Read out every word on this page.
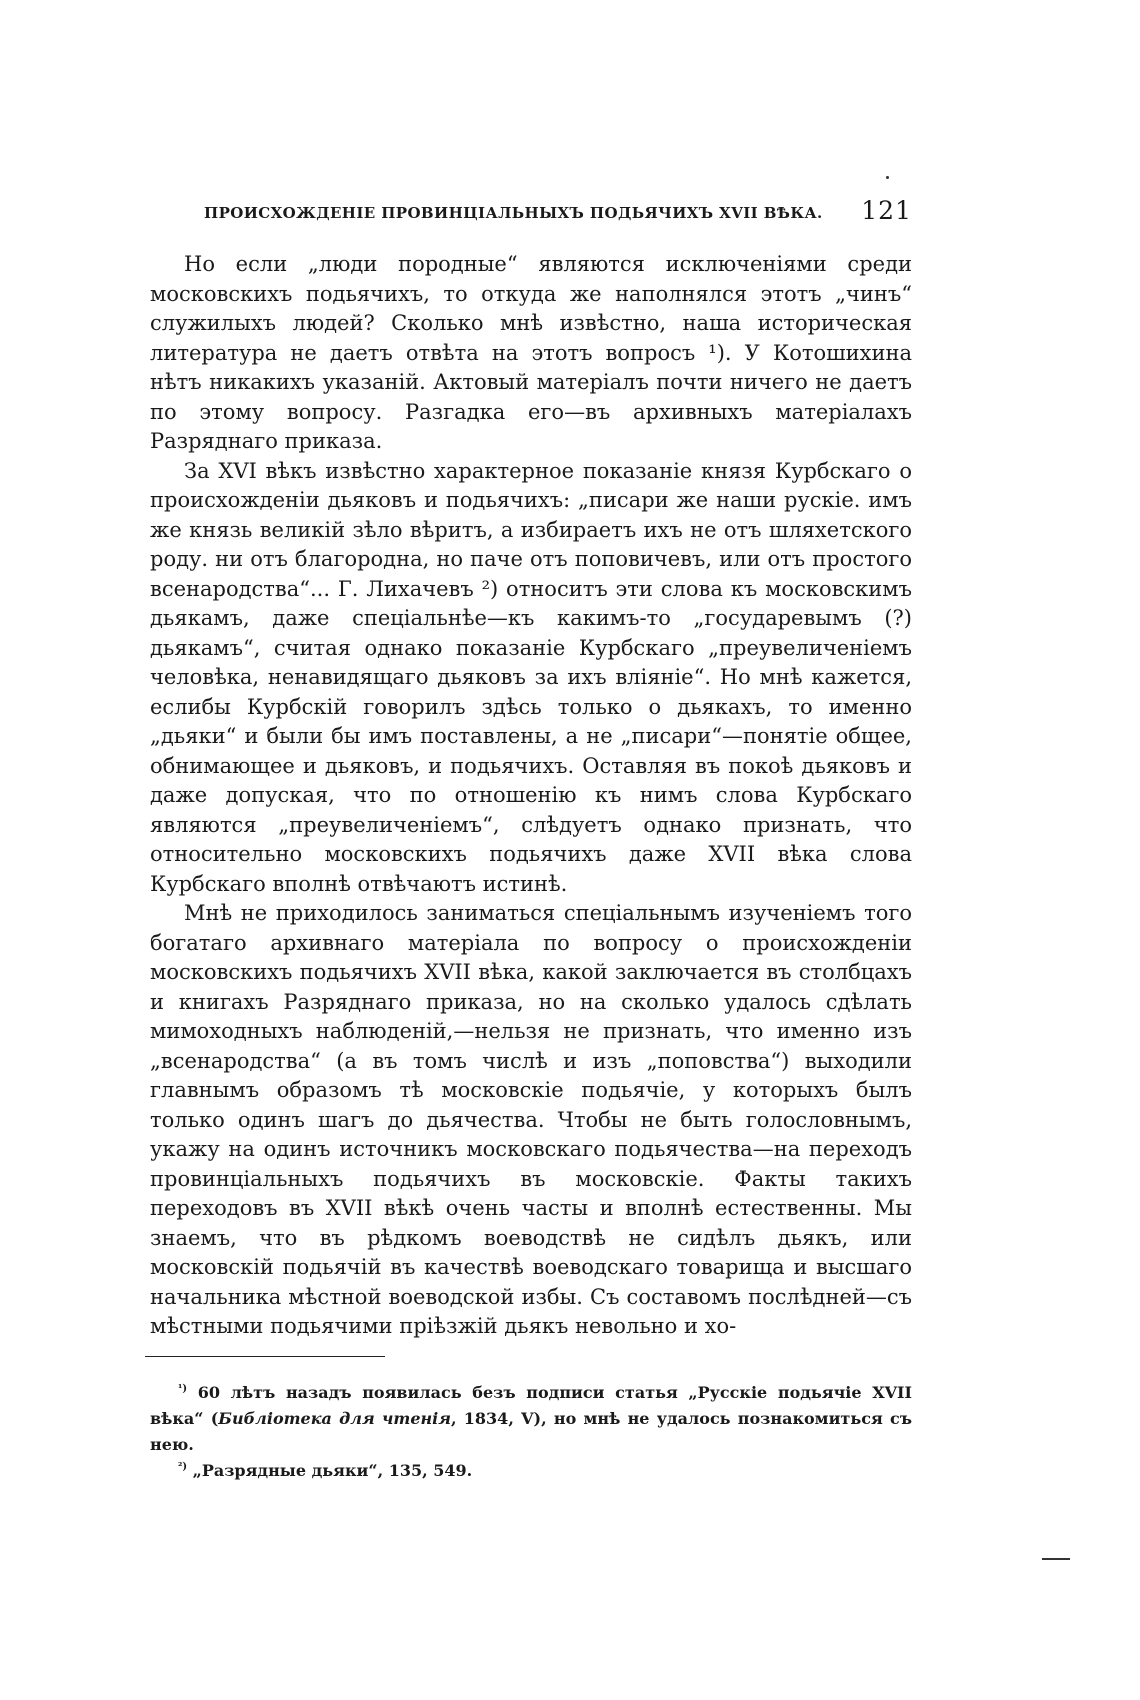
ПРОИСХОЖДЕНІЕ ПРОВИНЦІАЛЬНЫХЪ ПОДЬЯЧИХЪ XVII ВѢКА. 121

Но если „люди породные“ являются исключеніями среди московскихъ подьячихъ, то откуда же наполнялся этотъ „чинъ“ служилыхъ людей? Сколько мнѣ извѣстно, наша историческая литература не даетъ отвѣта на этотъ вопросъ ¹). У Котошихина нѣтъ никакихъ указаній. Актовый матеріалъ почти ничего не даетъ по этому вопросу. Разгадка его—въ архивныхъ матеріалахъ Разряднаго приказа.

За XVI вѣкъ извѣстно характерное показаніе князя Курбскаго о происхожденіи дьяковъ и подьячихъ: „писари же наши рускіе. имъ же князь великій зѣло вѣритъ, а избираетъ ихъ не отъ шляхетского роду. ни отъ благородна, но паче отъ поповичевъ, или отъ простого всенародства“... Г. Лихачевъ ²) относитъ эти слова къ московскимъ дьякамъ, даже спеціальнѣе—къ какимъ-то „государевымъ (?) дьякамъ“, считая однако показаніе Курбскаго „преувеличеніемъ человѣка, ненавидящаго дьяковъ за ихъ вліяніе“. Но мнѣ кажется, еслибы Курбскій говорилъ здѣсь только о дьякахъ, то именно „дьяки“ и были бы имъ поставлены, а не „писари“—понятіе общее, обнимающее и дьяковъ, и подьячихъ. Оставляя въ покоѣ дьяковъ и даже допуская, что по отношенію къ нимъ слова Курбскаго являются „преувеличеніемъ“, слѣдуетъ однако признать, что относительно московскихъ подьячихъ даже XVII вѣка слова Курбскаго вполнѣ отвѣчаютъ истинѣ.

Мнѣ не приходилось заниматься спеціальнымъ изученіемъ того богатаго архивнаго матеріала по вопросу о происхожденіи московскихъ подьячихъ XVII вѣка, какой заключается въ столбцахъ и книгахъ Разряднаго приказа, но на сколько удалось сдѣлать мимоходныхъ наблюденій,—нельзя не признать, что именно изъ „всенародства“ (а въ томъ числѣ и изъ „поповства“) выходили главнымъ образомъ тѣ московскіе подьячіе, у которыхъ былъ только одинъ шагъ до дьячества. Чтобы не быть голословнымъ, укажу на одинъ источникъ московскаго подьячества—на переходъ провинціальныхъ подьячихъ въ московскіе. Факты такихъ переходовъ въ XVII вѣкѣ очень часты и вполнѣ естественны. Мы знаемъ, что въ рѣдкомъ воеводствѣ не сидѣлъ дьякъ, или московскій подьячій въ качествѣ воеводскаго товарища и высшаго начальника мѣстной воеводской избы. Съ составомъ послѣдней—съ мѣстными подьячими пріѣзжій дьякъ невольно и хо-

$^{^1)}$ 60 лѣтъ назадъ появилась безъ подписи статья „Русскіе подьячіе XVII вѣка“ (Библіотека для чтенія, 1834, V), но мнѣ не удалось познакомиться съ нею.

$^{^2)}$ „Разрядные дьяки“, 135, 549.
